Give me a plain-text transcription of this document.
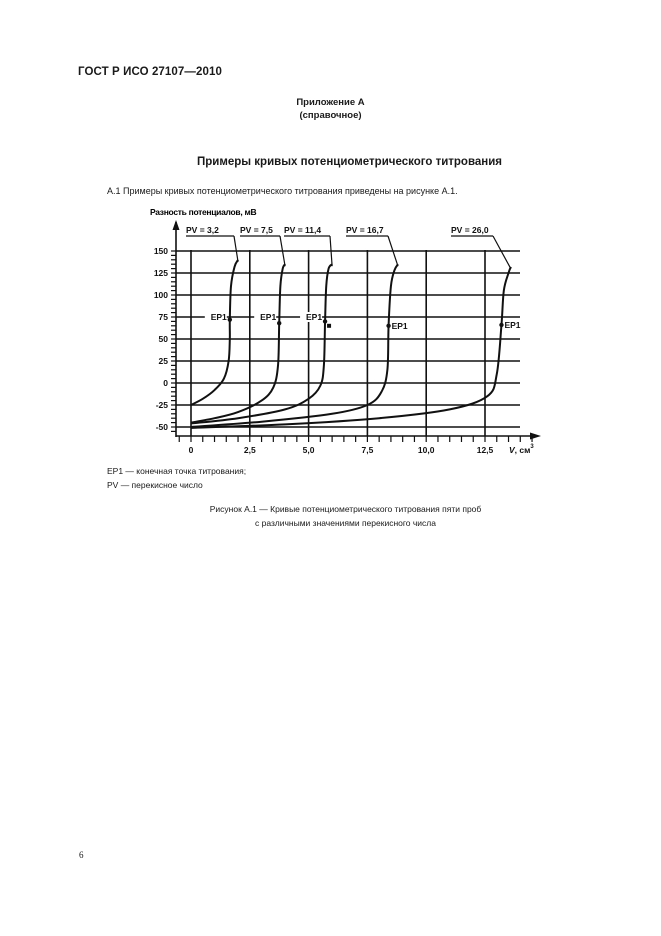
ГОСТ Р ИСО 27107—2010
Приложение А
(справочное)
Примеры кривых потенциометрического титрования
А.1 Примеры кривых потенциометрического титрования приведены на рисунке А.1.
Разность потенциалов, мВ
150
125
100
75
50
25
0
-25
-50
0	2,5	5,0	7,5	10,0	12,5 V, $см^3$
PV = 3,2
EP1
PV = 7,5
EP1
PV = 11,4
EP1
PV = 16,7
EP1
PV = 26,0
EP1
ЕР1 — конечная точка титрования;
PV — перекисное число
Рисунок А.1 — Кривые потенциометрического титрования пяти проб
с различными значениями перекисного числа
6
